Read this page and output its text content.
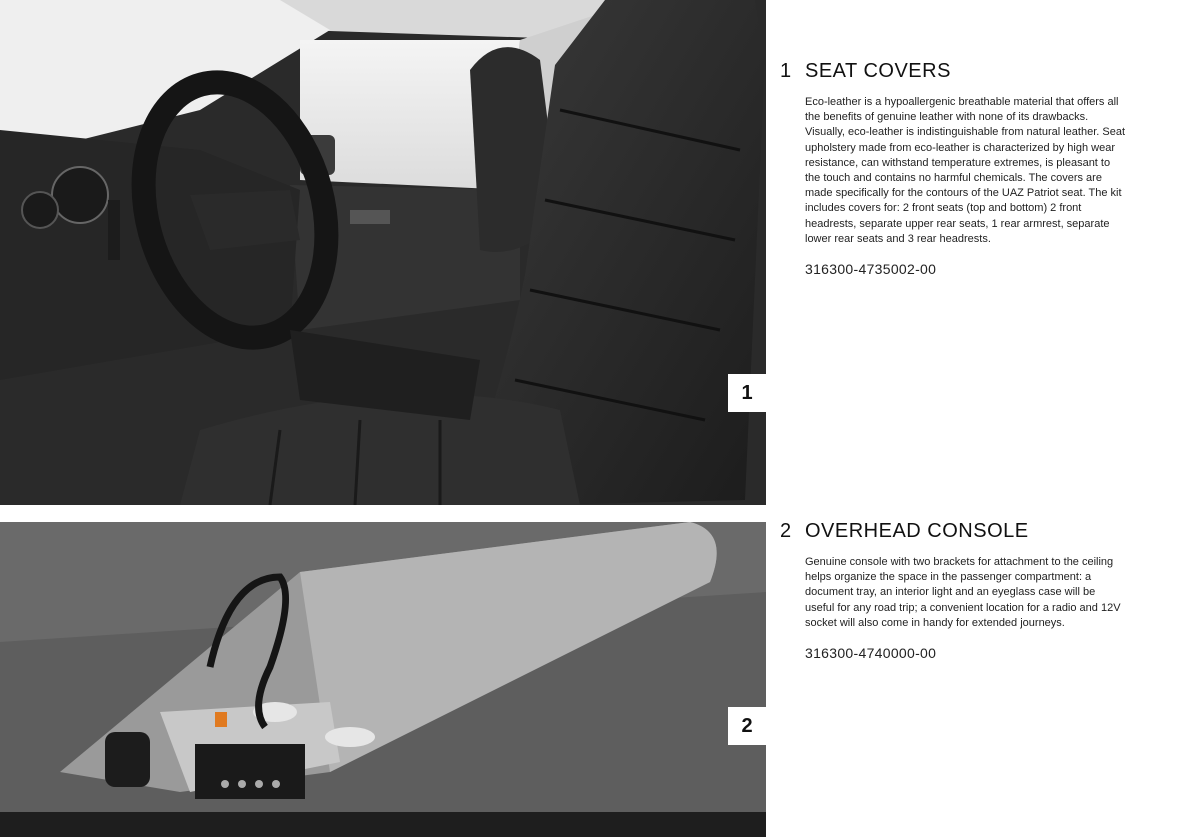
1
2
1 SEAT COVERS

Eco-leather is a hypoallergenic breathable material that offers all the benefits of genuine leather with none of its drawbacks. Visually, eco-leather is indistinguishable from natural leather. Seat upholstery made from eco-leather is characterized by high wear resistance, can withstand temperature extremes, is pleasant to the touch and contains no harmful chemicals. The covers are made specifically for the contours of the UAZ Patriot seat. The kit includes covers for: 2 front seats (top and bottom) 2 front headrests, separate upper rear seats, 1 rear armrest, separate lower rear seats and 3 rear headrests.

316300-4735002-00
2 OVERHEAD CONSOLE

Genuine console with two brackets for attachment to the ceiling helps organize the space in the passenger compartment: a document tray, an interior light and an eyeglass case will be useful for any road trip; a convenient location for a radio and 12V socket will also come in handy for extended journeys.

316300-4740000-00
